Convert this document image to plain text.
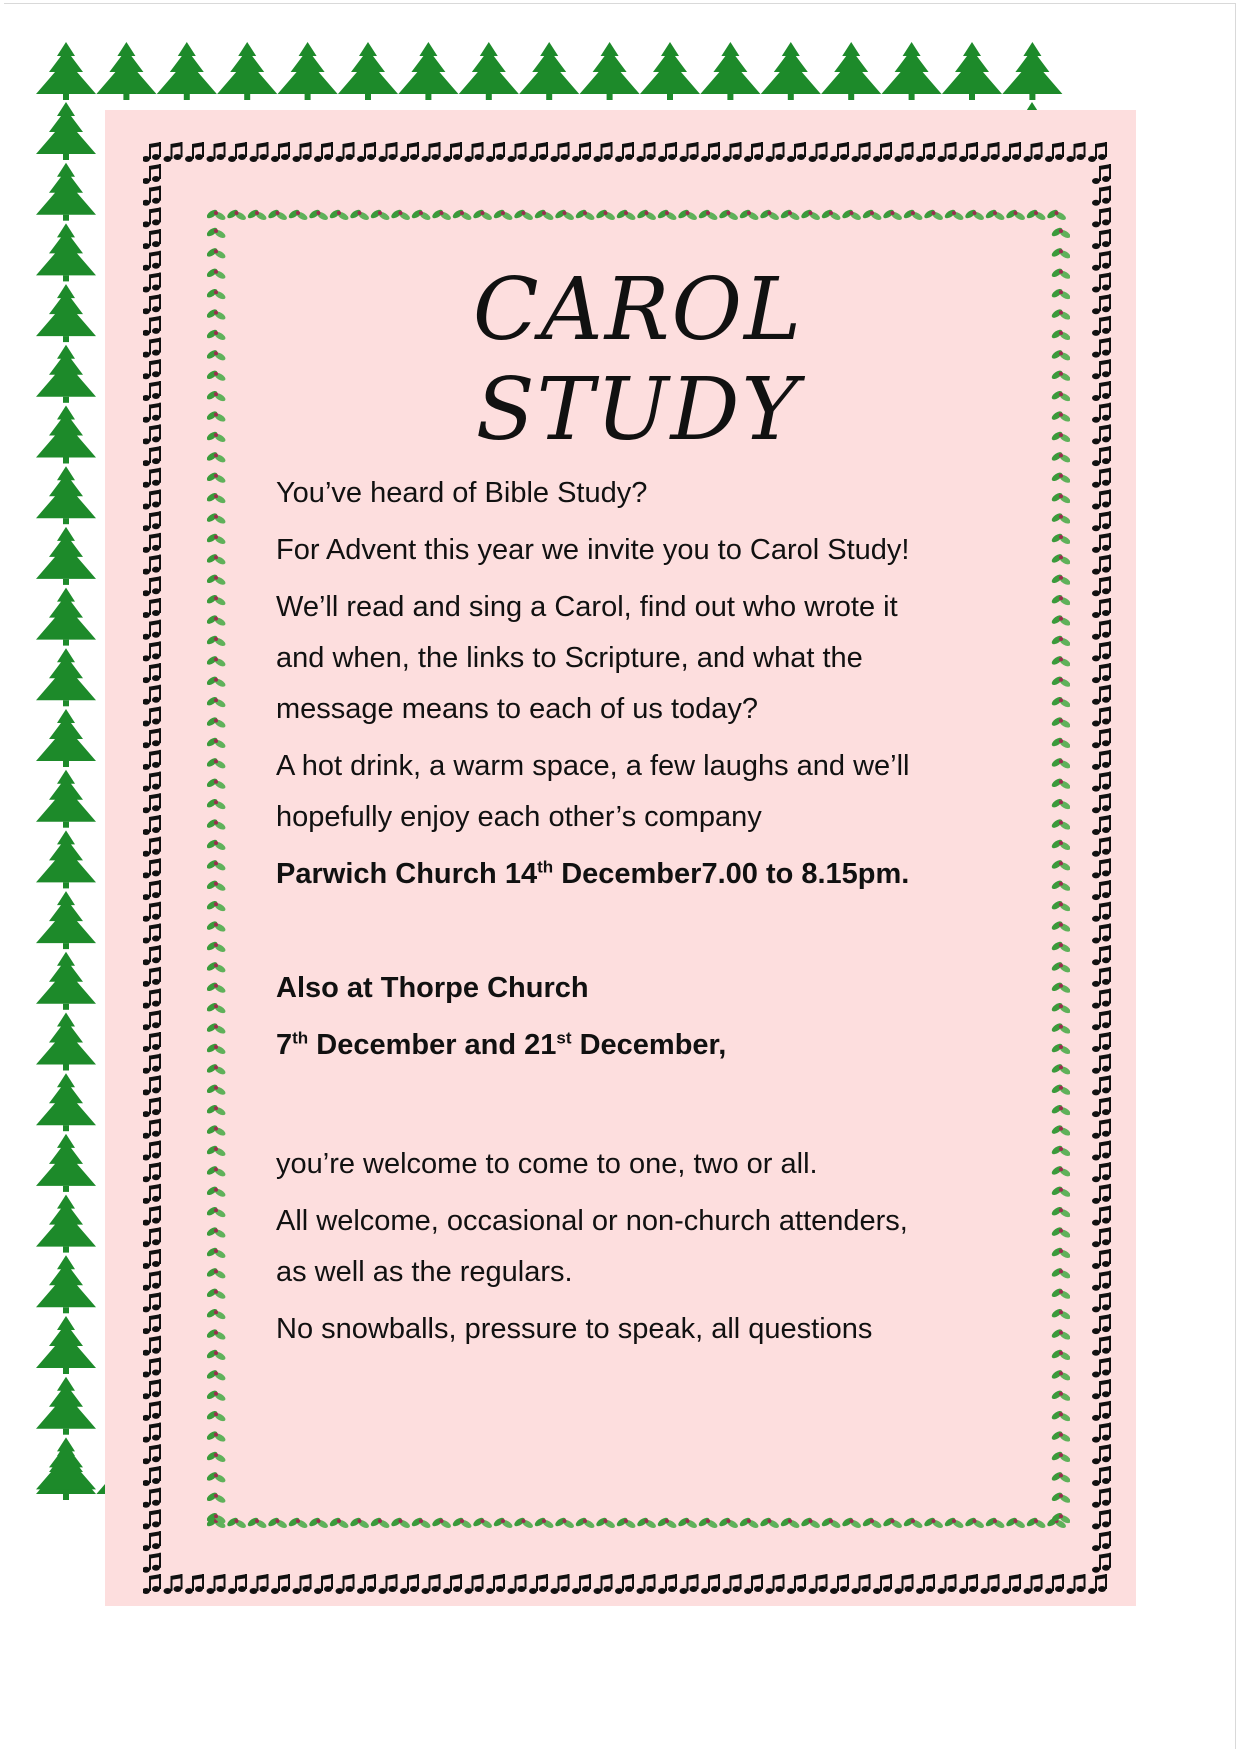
CAROL STUDY

You’ve heard of Bible Study?

For Advent this year we invite you to Carol Study!

We’ll read and sing a Carol, find out who wrote it
and when, the links to Scripture, and what the
message means to each of us today?

A hot drink, a warm space, a few laughs and we’ll
hopefully enjoy each other’s company

Parwich Church 14th December7.00 to 8.15pm.

Also at Thorpe Church

7th December and 21st December,

you’re welcome to come to one, two or all.

All welcome, occasional or non-church attenders,
as well as the regulars.

No snowballs, pressure to speak, all questions
